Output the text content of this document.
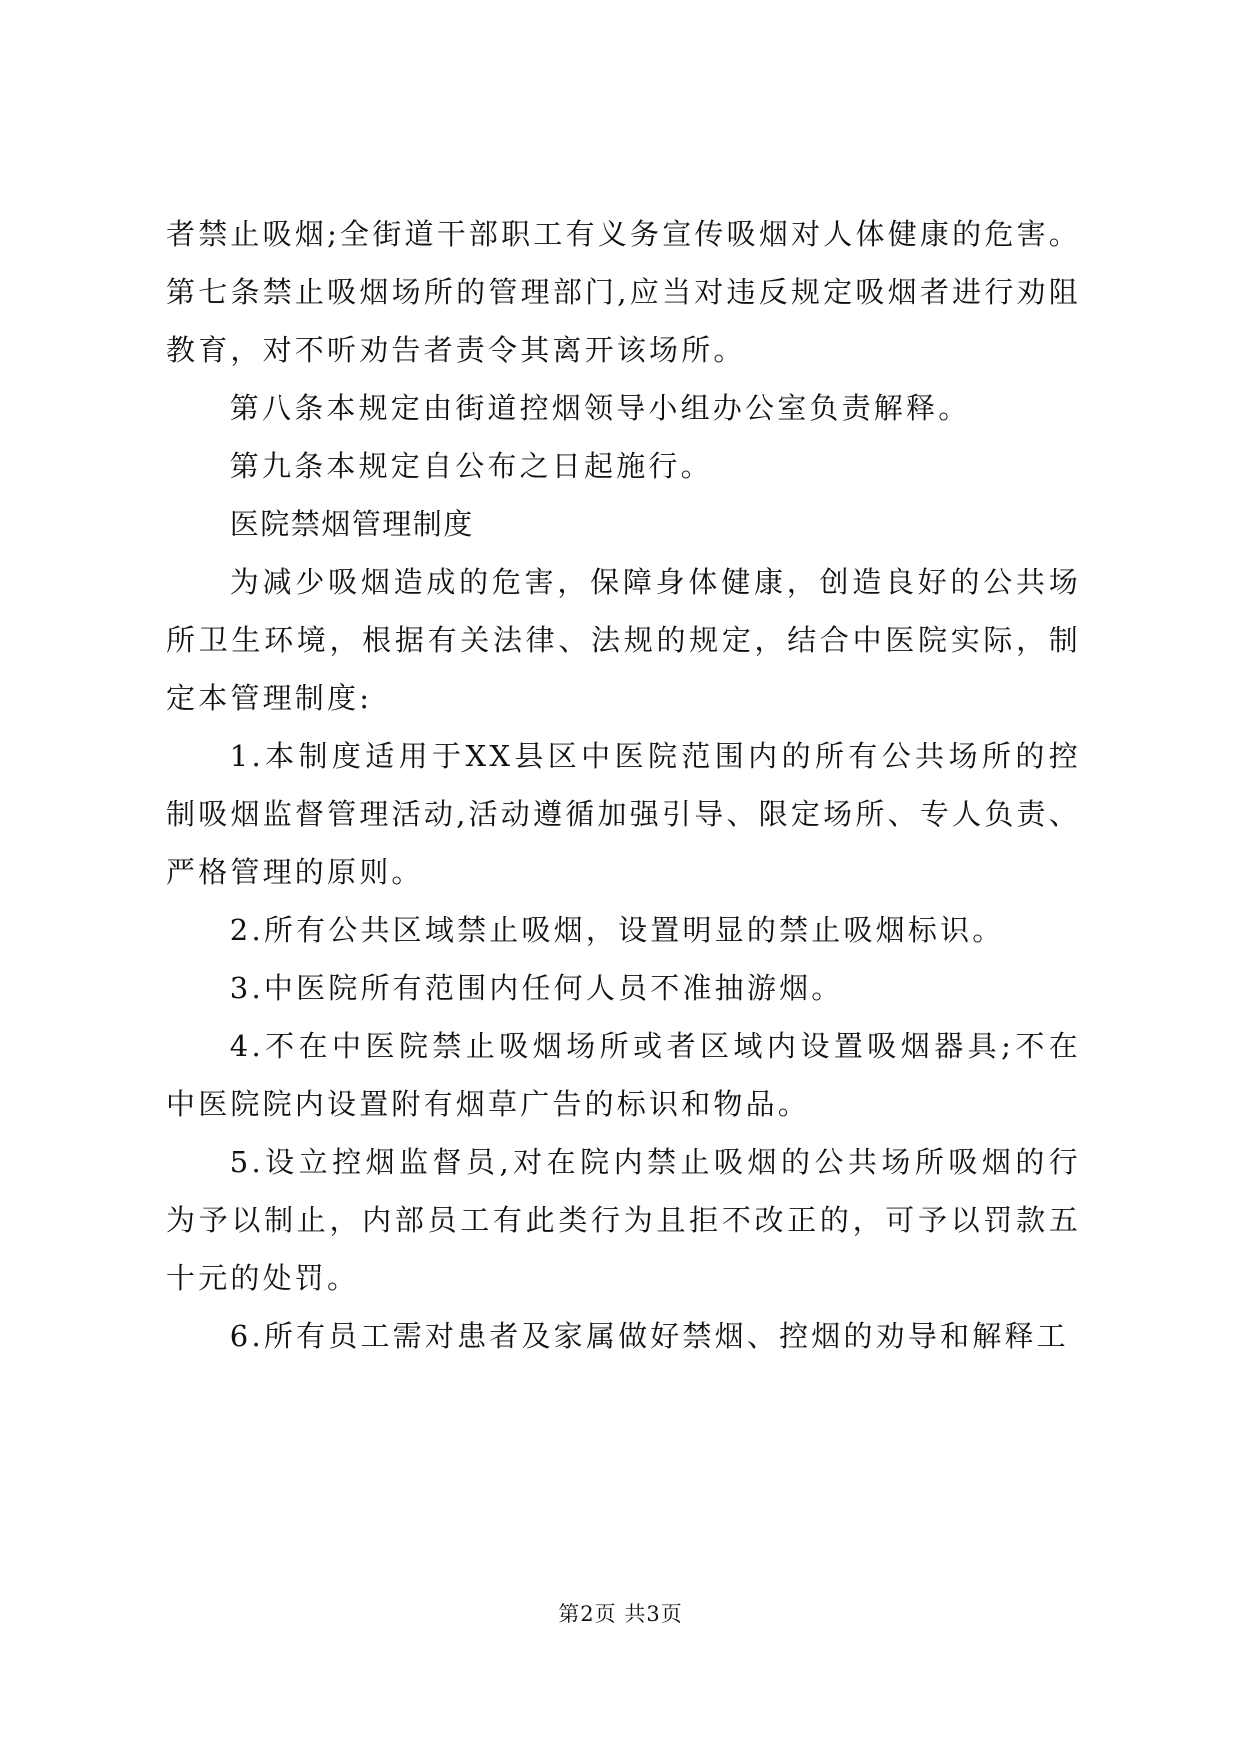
者禁止吸烟;全街道干部职工有义务宣传吸烟对人体健康的危害。第七条禁止吸烟场所的管理部门,应当对违反规定吸烟者进行劝阻教育，对不听劝告者责令其离开该场所。

第八条本规定由街道控烟领导小组办公室负责解释。

第九条本规定自公布之日起施行。

医院禁烟管理制度

为减少吸烟造成的危害，保障身体健康，创造良好的公共场所卫生环境，根据有关法律、法规的规定，结合中医院实际，制定本管理制度:

1.本制度适用于XX县区中医院范围内的所有公共场所的控制吸烟监督管理活动,活动遵循加强引导、限定场所、专人负责、严格管理的原则。

2.所有公共区域禁止吸烟，设置明显的禁止吸烟标识。

3.中医院所有范围内任何人员不准抽游烟。

4.不在中医院禁止吸烟场所或者区域内设置吸烟器具;不在中医院院内设置附有烟草广告的标识和物品。

5.设立控烟监督员,对在院内禁止吸烟的公共场所吸烟的行为予以制止，内部员工有此类行为且拒不改正的，可予以罚款五十元的处罚。

6.所有员工需对患者及家属做好禁烟、控烟的劝导和解释工

第2页 共3页
